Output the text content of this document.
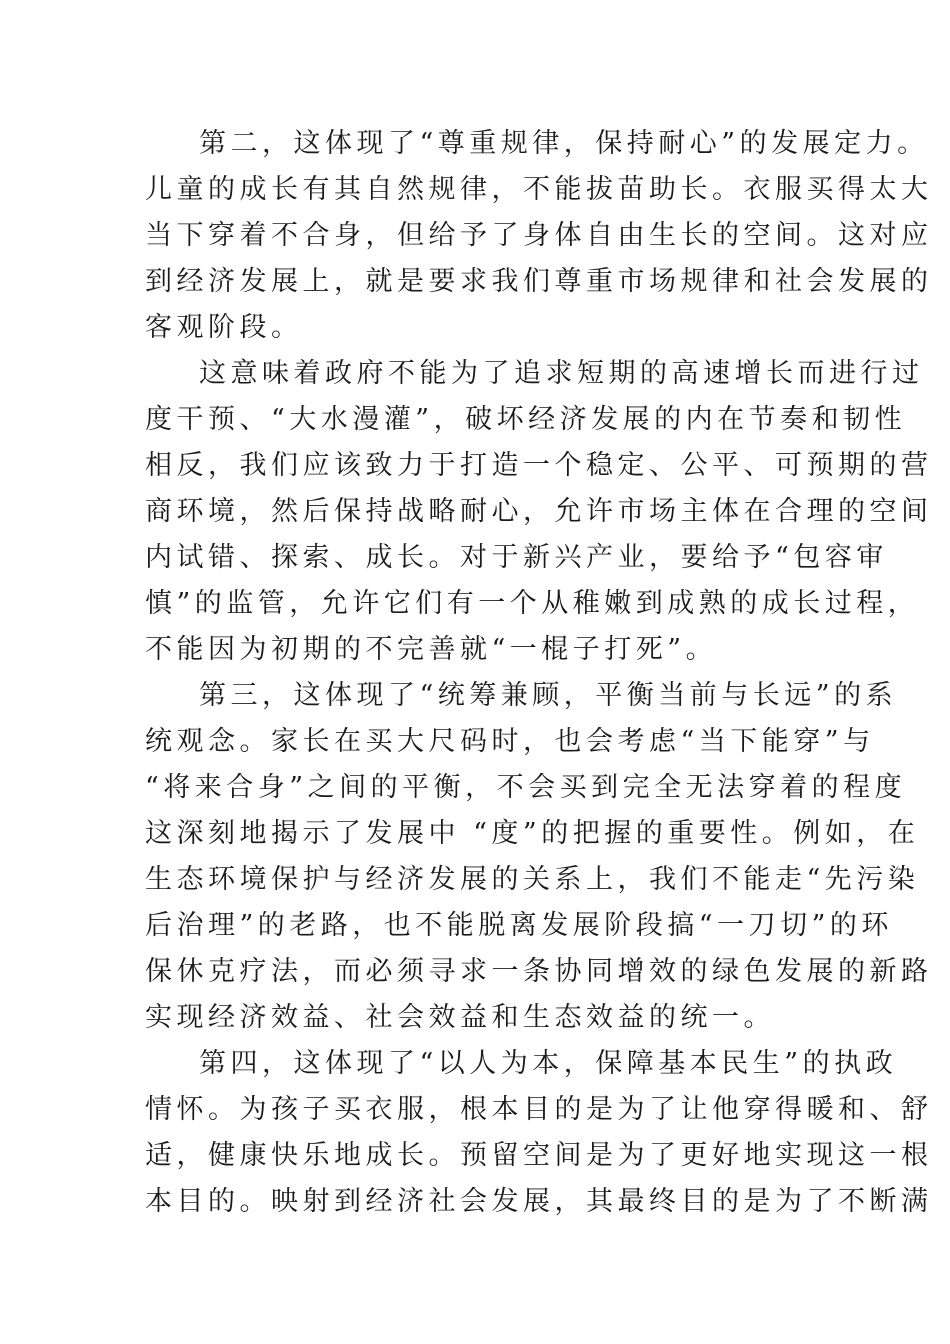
第二，这体现了“尊重规律，保持耐心”的发展定力。
儿童的成长有其自然规律，不能拔苗助长。衣服买得太大
当下穿着不合身，但给予了身体自由生长的空间。这对应
到经济发展上，就是要求我们尊重市场规律和社会发展的
客观阶段。
这意味着政府不能为了追求短期的高速增长而进行过
度干预、“大水漫灌”，破坏经济发展的内在节奏和韧性
相反，我们应该致力于打造一个稳定、公平、可预期的营
商环境，然后保持战略耐心，允许市场主体在合理的空间
内试错、探索、成长。对于新兴产业，要给予“包容审
慎”的监管，允许它们有一个从稚嫩到成熟的成长过程，
不能因为初期的不完善就“一棍子打死”。
第三，这体现了“统筹兼顾，平衡当前与长远”的系
统观念。家长在买大尺码时，也会考虑“当下能穿”与
“将来合身”之间的平衡，不会买到完全无法穿着的程度
这深刻地揭示了发展中 “度”的把握的重要性。例如，在
生态环境保护与经济发展的关系上，我们不能走“先污染
后治理”的老路，也不能脱离发展阶段搞“一刀切”的环
保休克疗法，而必须寻求一条协同增效的绿色发展的新路
实现经济效益、社会效益和生态效益的统一。
第四，这体现了“以人为本，保障基本民生”的执政
情怀。为孩子买衣服，根本目的是为了让他穿得暖和、舒
适，健康快乐地成长。预留空间是为了更好地实现这一根
本目的。映射到经济社会发展，其最终目的是为了不断满
